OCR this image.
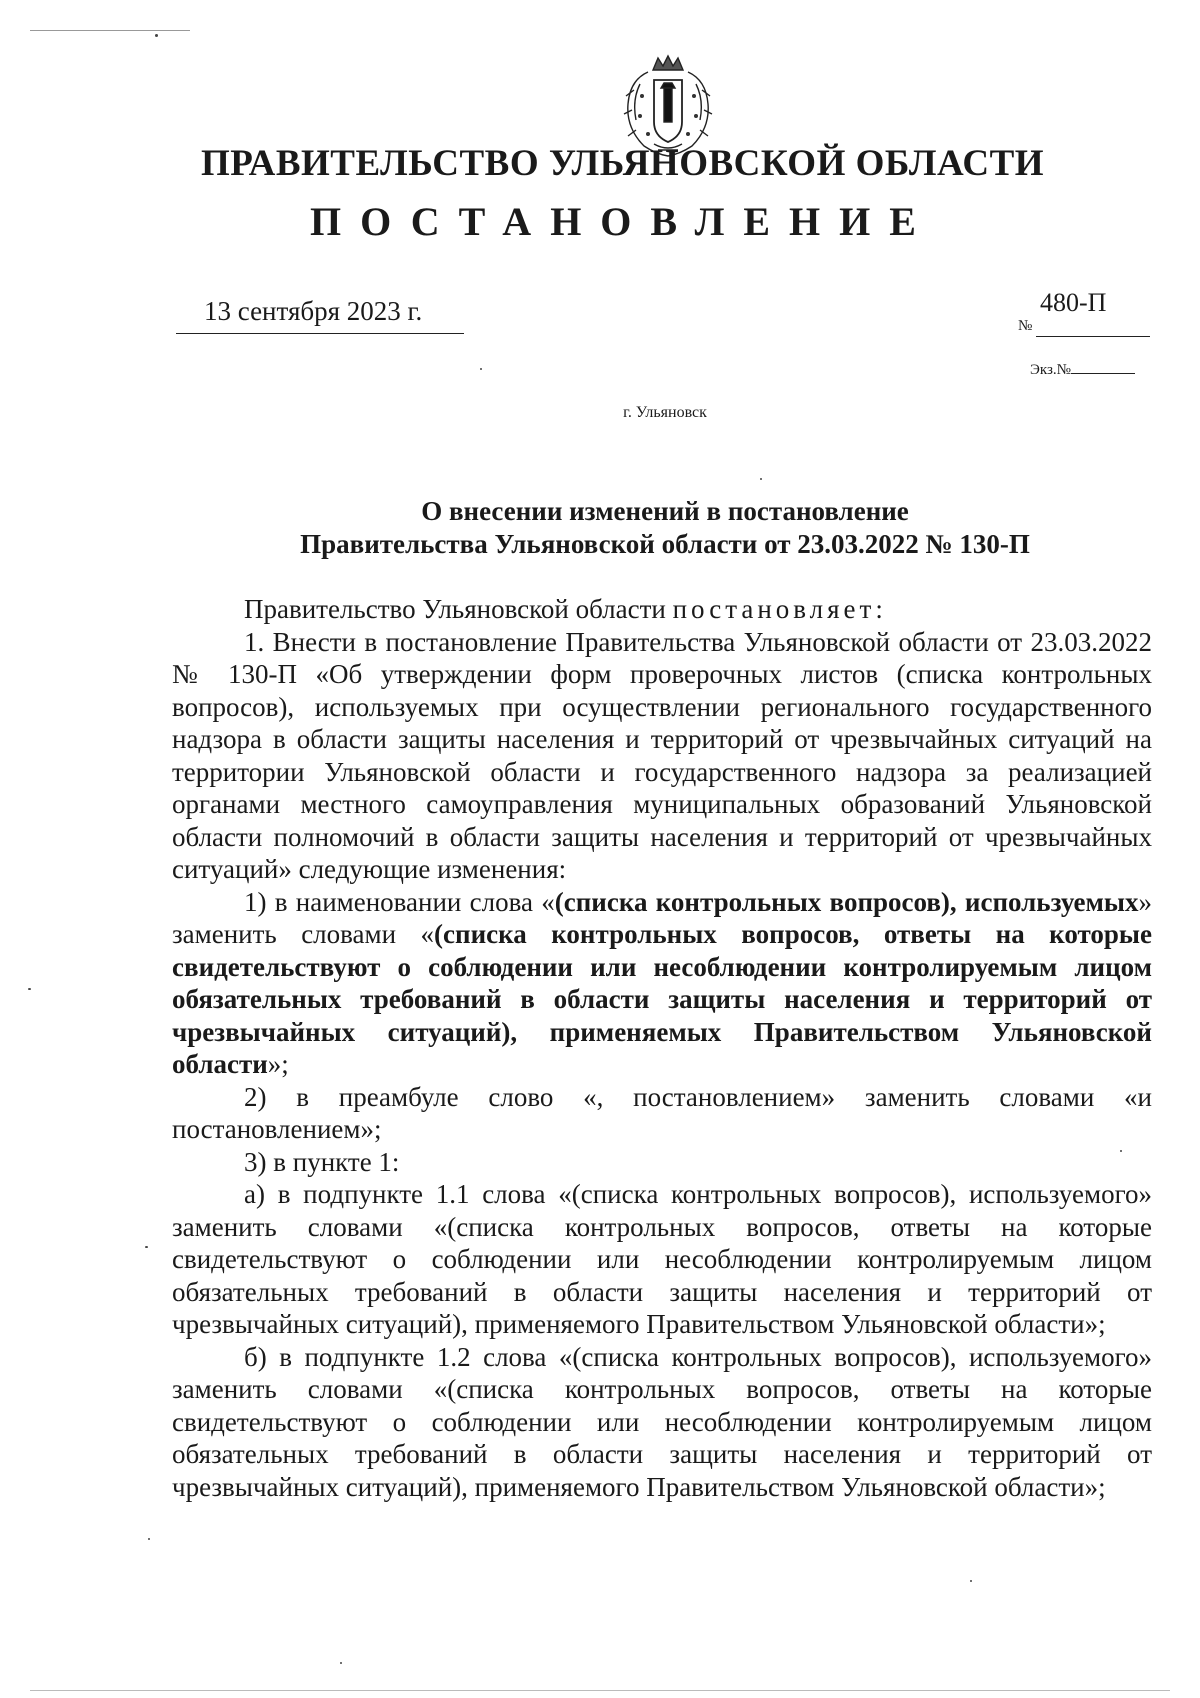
ПРАВИТЕЛЬСТВО УЛЬЯНОВСКОЙ ОБЛАСТИ
ПОСТАНОВЛЕНИЕ
13 сентября 2023 г.	480-П
№
Экз.№
г. Ульяновск
О внесении изменений в постановление
Правительства Ульяновской области от 23.03.2022 № 130-П

Правительство Ульяновской области постановляет:

1. Внести в постановление Правительства Ульяновской области от 23.03.2022 № 130-П «Об утверждении форм проверочных листов (списка контрольных вопросов), используемых при осуществлении регионального государственного надзора в области защиты населения и территорий от чрезвычайных ситуаций на территории Ульяновской области и государственного надзора за реализацией органами местного самоуправления муниципальных образований Ульяновской области полномочий в области защиты населения и территорий от чрезвычайных ситуаций» следующие изменения:

1) в наименовании слова «(списка контрольных вопросов), используемых» заменить словами «(списка контрольных вопросов, ответы на которые свидетельствуют о соблюдении или несоблюдении контролируемым лицом обязательных требований в области защиты населения и территорий от чрезвычайных ситуаций), применяемых Правительством Ульяновской области»;

2) в преамбуле слово «, постановлением» заменить словами «и постановлением»;

3) в пункте 1:

а) в подпункте 1.1 слова «(списка контрольных вопросов), используемого» заменить словами «(списка контрольных вопросов, ответы на которые свидетельствуют о соблюдении или несоблюдении контролируемым лицом обязательных требований в области защиты населения и территорий от чрезвычайных ситуаций), применяемого Правительством Ульяновской области»;

б) в подпункте 1.2 слова «(списка контрольных вопросов), используемого» заменить словами «(списка контрольных вопросов, ответы на которые свидетельствуют о соблюдении или несоблюдении контролируемым лицом обязательных требований в области защиты населения и территорий от чрезвычайных ситуаций), применяемого Правительством Ульяновской области»;
